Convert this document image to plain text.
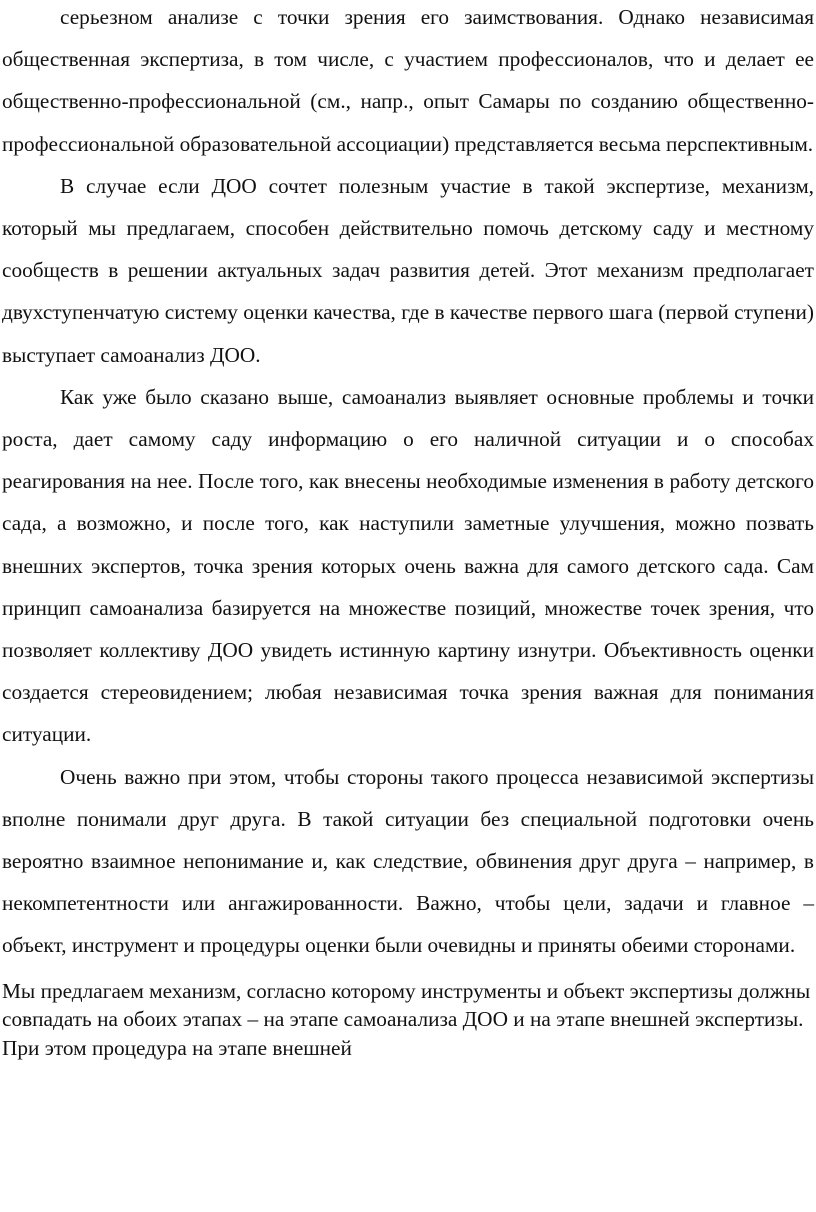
серьезном анализе с точки зрения его заимствования. Однако независимая общественная экспертиза, в том числе, с участием профессионалов, что и делает ее общественно-профессиональной (см., напр., опыт Самары по созданию общественно-профессиональной образовательной ассоциации) представляется весьма перспективным.

В случае если ДОО сочтет полезным участие в такой экспертизе, механизм, который мы предлагаем, способен действительно помочь детскому саду и местному сообществ в решении актуальных задач развития детей. Этот механизм предполагает двухступенчатую систему оценки качества, где в качестве первого шага (первой ступени) выступает самоанализ ДОО.

Как уже было сказано выше, самоанализ выявляет основные проблемы и точки роста, дает самому саду информацию о его наличной ситуации и о способах реагирования на нее. После того, как внесены необходимые изменения в работу детского сада, а возможно, и после того, как наступили заметные улучшения, можно позвать внешних экспертов, точка зрения которых очень важна для самого детского сада. Сам принцип самоанализа базируется на множестве позиций, множестве точек зрения, что позволяет коллективу ДОО увидеть истинную картину изнутри. Объективность оценки создается стереовидением; любая независимая точка зрения важная для понимания ситуации.

Очень важно при этом, чтобы стороны такого процесса независимой экспертизы вполне понимали друг друга. В такой ситуации без специальной подготовки очень вероятно взаимное непонимание и, как следствие, обвинения друг друга – например, в некомпетентности или ангажированности. Важно, чтобы цели, задачи и главное – объект, инструмент и процедуры оценки были очевидны и приняты обеими сторонами.

Мы предлагаем механизм, согласно которому инструменты и объект экспертизы должны совпадать на обоих этапах – на этапе самоанализа ДОО и на этапе внешней экспертизы. При этом процедура на этапе внешней
